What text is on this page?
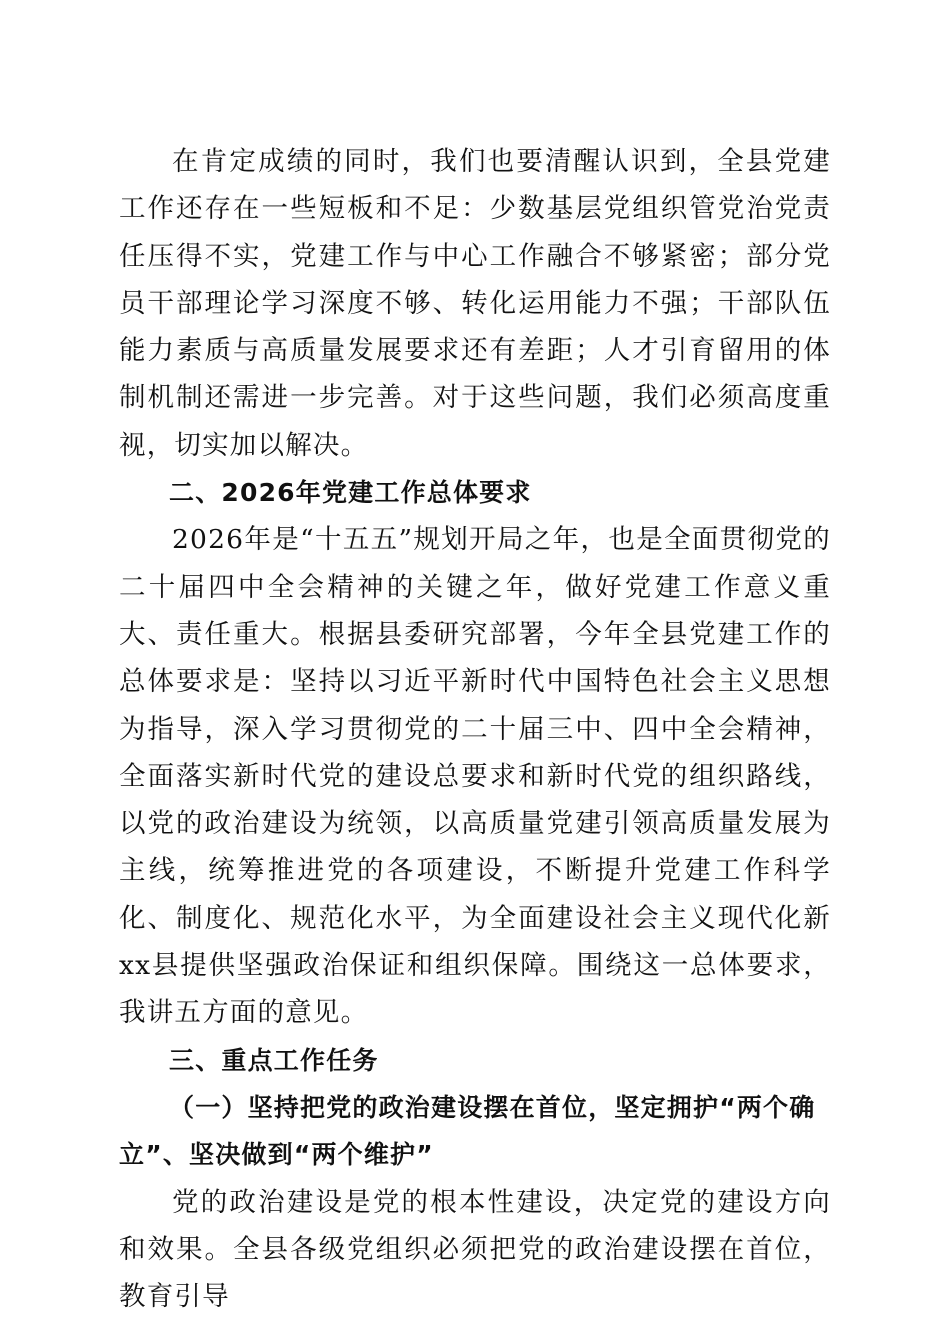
在肯定成绩的同时，我们也要清醒认识到，全县党建工作还存在一些短板和不足：少数基层党组织管党治党责任压得不实，党建工作与中心工作融合不够紧密；部分党员干部理论学习深度不够、转化运用能力不强；干部队伍能力素质与高质量发展要求还有差距；人才引育留用的体制机制还需进一步完善。对于这些问题，我们必须高度重视，切实加以解决。

二、2026年党建工作总体要求

2026年是“十五五”规划开局之年，也是全面贯彻党的二十届四中全会精神的关键之年，做好党建工作意义重大、责任重大。根据县委研究部署，今年全县党建工作的总体要求是：坚持以习近平新时代中国特色社会主义思想为指导，深入学习贯彻党的二十届三中、四中全会精神，全面落实新时代党的建设总要求和新时代党的组织路线，以党的政治建设为统领，以高质量党建引领高质量发展为主线，统筹推进党的各项建设，不断提升党建工作科学化、制度化、规范化水平，为全面建设社会主义现代化新xx县提供坚强政治保证和组织保障。围绕这一总体要求，我讲五方面的意见。

三、重点工作任务

（一）坚持把党的政治建设摆在首位，坚定拥护“两个确立”、坚决做到“两个维护”

党的政治建设是党的根本性建设，决定党的建设方向和效果。全县各级党组织必须把党的政治建设摆在首位，教育引导
